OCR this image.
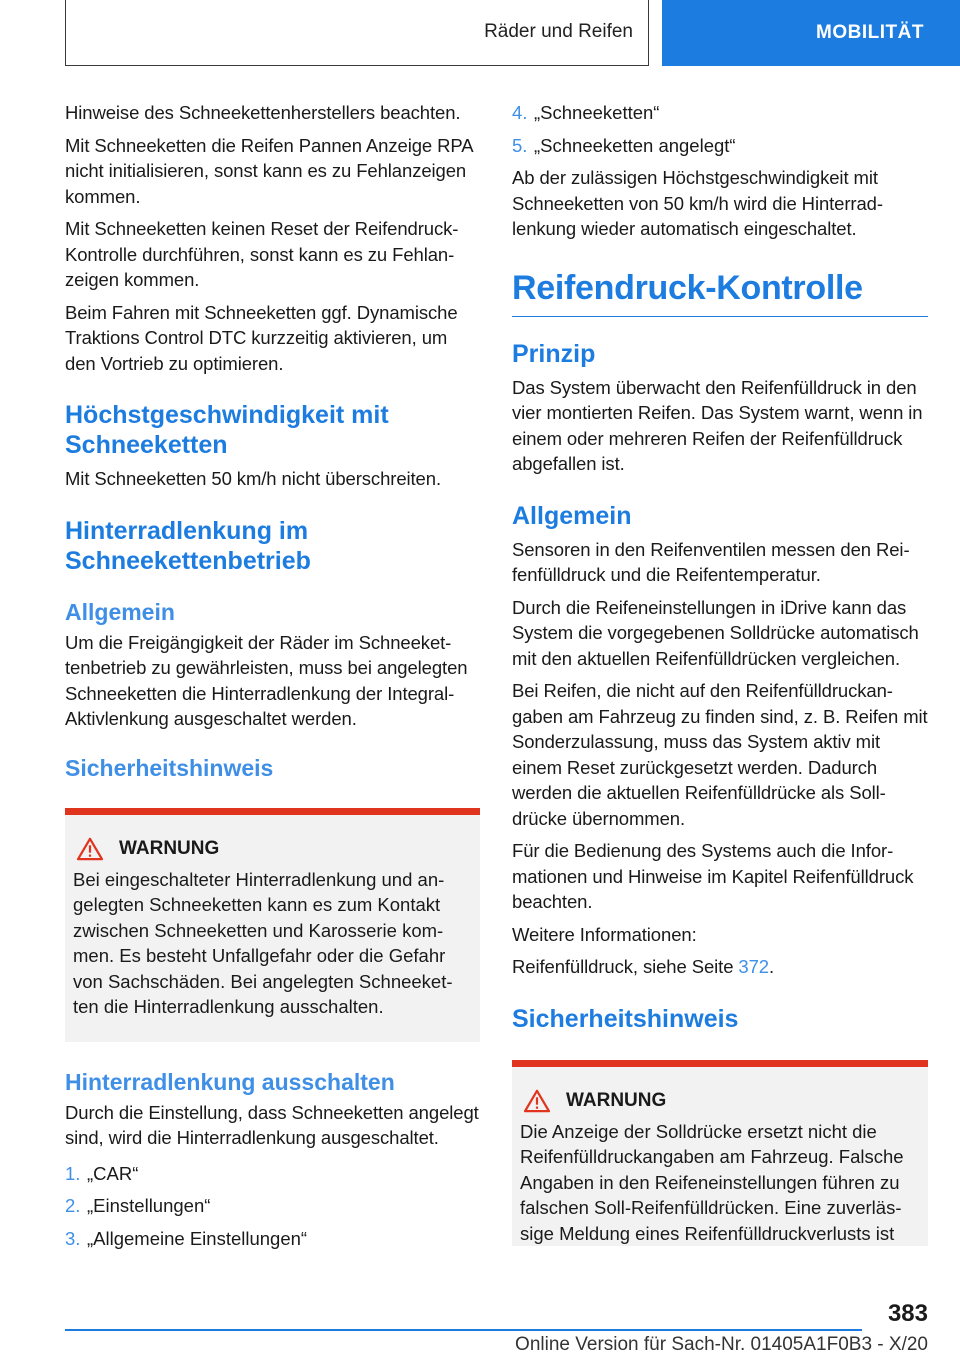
Räder und Reifen	MOBILITÄT

Hinweise des Schneekettenherstellers beachten.

Mit Schneeketten die Reifen Pannen Anzeige RPA nicht initialisieren, sonst kann es zu Fehlanzeigen kommen.

Mit Schneeketten keinen Reset der Reifendruck-Kontrolle durchführen, sonst kann es zu Fehlanzeigen kommen.

Beim Fahren mit Schneeketten ggf. Dynamische Traktions Control DTC kurzzeitig aktivieren, um den Vortrieb zu optimieren.

Höchstgeschwindigkeit mit Schneeketten

Mit Schneeketten 50 km/h nicht überschreiten.

Hinterradlenkung im Schneekettenbetrieb
Allgemein

Um die Freigängigkeit der Räder im Schneekettenbetrieb zu gewährleisten, muss bei angelegten Schneeketten die Hinterradlenkung der Integral-Aktivlenkung ausgeschaltet werden.

Sicherheitshinweis
WARNUNG

Bei eingeschalteter Hinterradlenkung und angelegten Schneeketten kann es zum Kontakt zwischen Schneeketten und Karosserie kommen. Es besteht Unfallgefahr oder die Gefahr von Sachschäden. Bei angelegten Schneeketten die Hinterradlenkung ausschalten.

Hinterradlenkung ausschalten

Durch die Einstellung, dass Schneeketten angelegt sind, wird die Hinterradlenkung ausgeschaltet.

1. „CAR“
2. „Einstellungen“
3. „Allgemeine Einstellungen“
4. „Schneeketten“
5. „Schneeketten angelegt“

Ab der zulässigen Höchstgeschwindigkeit mit Schneeketten von 50 km/h wird die Hinterradlenkung wieder automatisch eingeschaltet.

Reifendruck-Kontrolle
Prinzip

Das System überwacht den Reifenfülldruck in den vier montierten Reifen. Das System warnt, wenn in einem oder mehreren Reifen der Reifenfülldruck abgefallen ist.

Allgemein

Sensoren in den Reifenventilen messen den Reifenfülldruck und die Reifentemperatur.

Durch die Reifeneinstellungen in iDrive kann das System die vorgegebenen Solldrücke automatisch mit den aktuellen Reifenfülldrücken vergleichen.

Bei Reifen, die nicht auf den Reifenfülldruckangaben am Fahrzeug zu finden sind, z. B. Reifen mit Sonderzulassung, muss das System aktiv mit einem Reset zurückgesetzt werden. Dadurch werden die aktuellen Reifenfülldrücke als Solldrücke übernommen.

Für die Bedienung des Systems auch die Informationen und Hinweise im Kapitel Reifenfülldruck beachten.

Weitere Informationen:

Reifenfülldruck, siehe Seite 372.

Sicherheitshinweis
WARNUNG

Die Anzeige der Solldrücke ersetzt nicht die Reifenfülldruckangaben am Fahrzeug. Falsche Angaben in den Reifeneinstellungen führen zu falschen Soll-Reifenfülldrücken. Eine zuverlässige Meldung eines Reifenfülldruckverlusts ist

383
Online Version für Sach-Nr. 01405A1F0B3 - X/20
